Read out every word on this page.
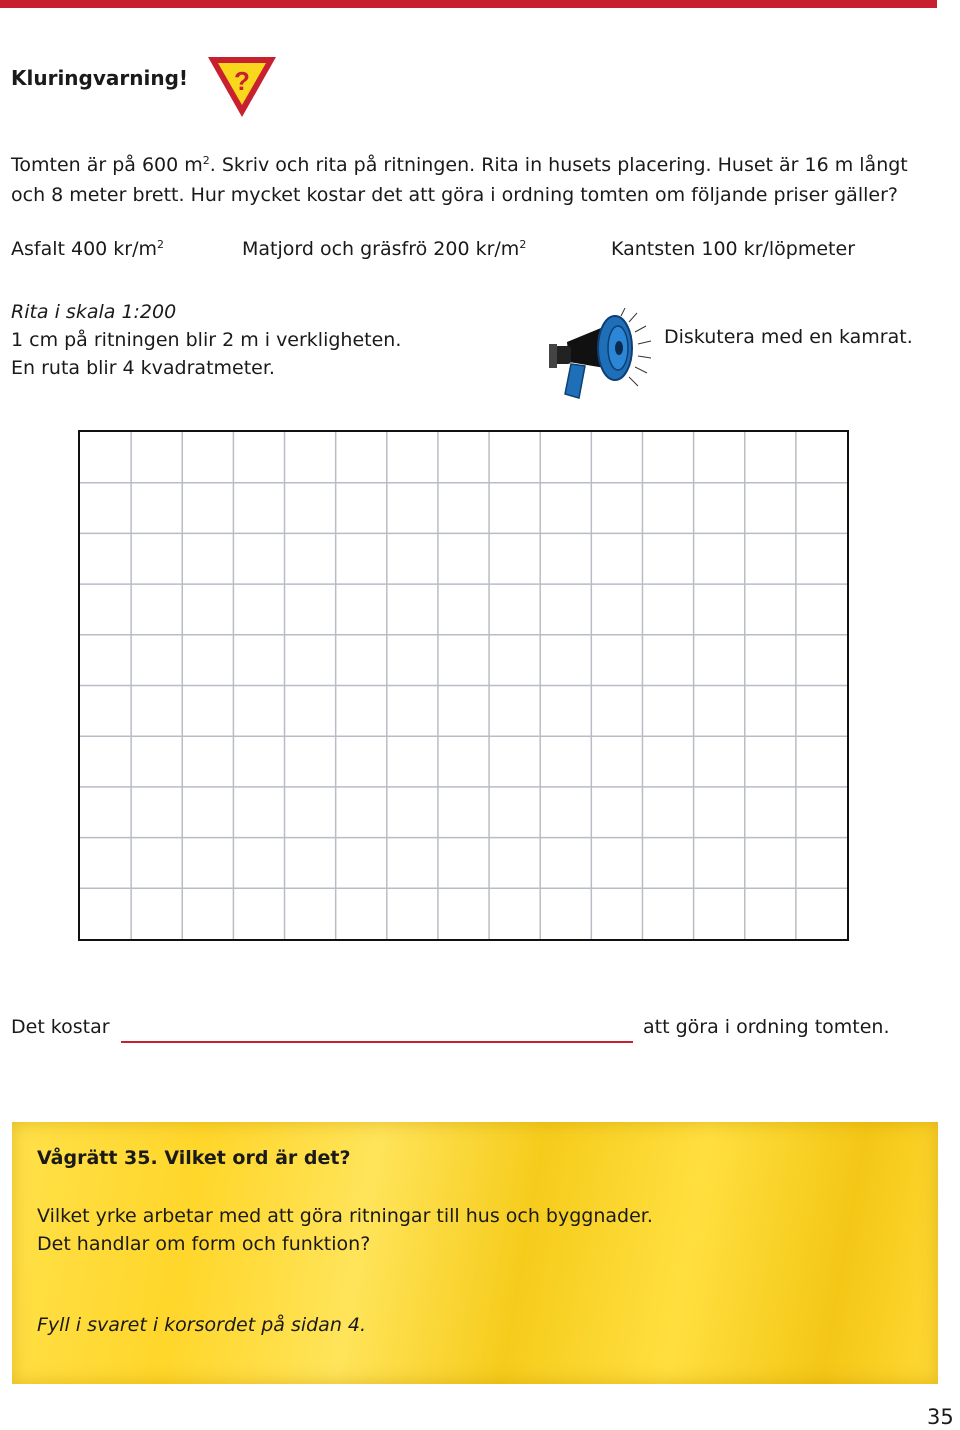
Kluringvarning! ?
Tomten är på 600 $m^2$. Skriv och rita på ritningen. Rita in husets placering. Huset är 16 m långt
och 8 meter brett. Hur mycket kostar det att göra i ordning tomten om följande priser gäller?
Asfalt 400 $kr/m^2$	Matjord och gräsfrö 200 $kr/m^2$	Kantsten 100 kr/löpmeter
Rita i skala 1:200
1 cm på ritningen blir 2 m i verkligheten.
En ruta blir 4 kvadratmeter.
Diskutera med en kamrat.
Det kostar	att göra i ordning tomten.
Vågrätt 35. Vilket ord är det?
Vilket yrke arbetar med att göra ritningar till hus och byggnader.
Det handlar om form och funktion?
Fyll i svaret i korsordet på sidan 4.
35
